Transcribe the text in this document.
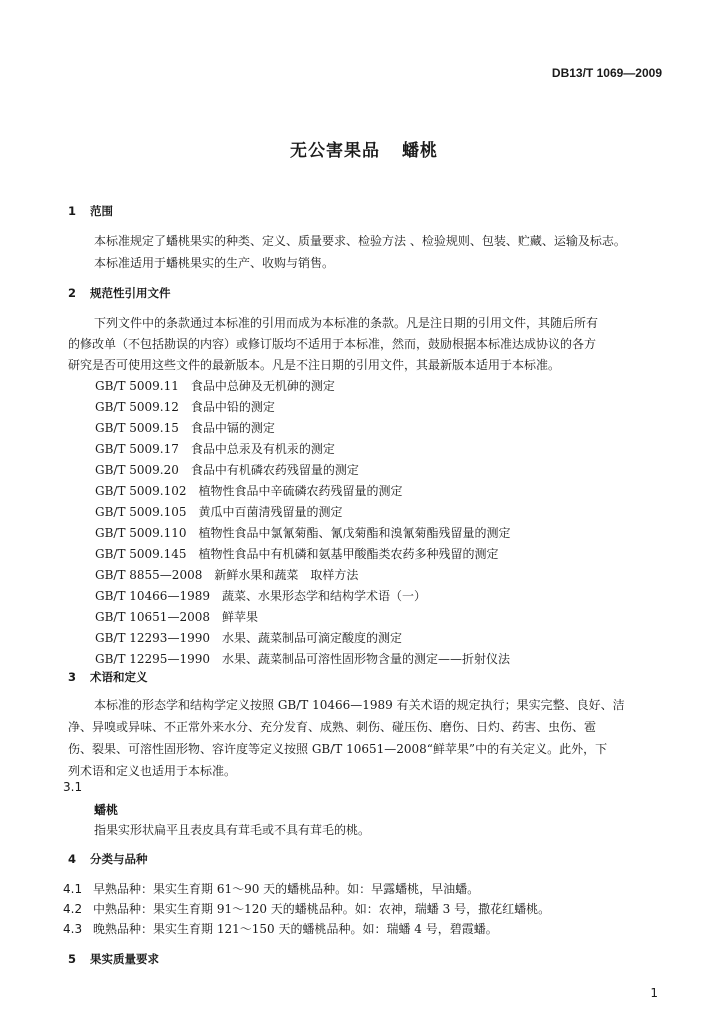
DB13/T 1069—2009
无公害果品 蟠桃
1 范围
本标准规定了蟠桃果实的种类、定义、质量要求、检验方法 、检验规则、包装、贮藏、运输及标志。
本标准适用于蟠桃果实的生产、收购与销售。
2 规范性引用文件
下列文件中的条款通过本标准的引用而成为本标准的条款。凡是注日期的引用文件，其随后所有
的修改单（不包括勘误的内容）或修订版均不适用于本标准，然而，鼓励根据本标准达成协议的各方
研究是否可使用这些文件的最新版本。凡是不注日期的引用文件，其最新版本适用于本标准。
GB/T 5009.11　 食品中总砷及无机砷的测定
GB/T 5009.12　 食品中铅的测定
GB/T 5009.15　 食品中镉的测定
GB/T 5009.17　 食品中总汞及有机汞的测定
GB/T 5009.20　 食品中有机磷农药残留量的测定
GB/T 5009.102　 植物性食品中辛硫磷农药残留量的测定
GB/T 5009.105　 黄瓜中百菌清残留量的测定
GB/T 5009.110　 植物性食品中氯氰菊酯、氰戊菊酯和溴氰菊酯残留量的测定
GB/T 5009.145　 植物性食品中有机磷和氨基甲酸酯类农药多种残留的测定
GB/T 8855—2008　 新鲜水果和蔬菜　取样方法
GB/T 10466—1989　 蔬菜、水果形态学和结构学术语（一）
GB/T 10651—2008　 鲜苹果
GB/T 12293—1990　 水果、蔬菜制品可滴定酸度的测定
GB/T 12295—1990　 水果、蔬菜制品可溶性固形物含量的测定——折射仪法
3 术语和定义
本标准的形态学和结构学定义按照 GB/T 10466—1989 有关术语的规定执行；果实完整、良好、洁
净、异嗅或异味、不正常外来水分、充分发育、成熟、刺伤、碰压伤、磨伤、日灼、药害、虫伤、雹
伤、裂果、可溶性固形物、容许度等定义按照 GB/T 10651—2008“鲜苹果”中的有关定义。此外，下
列术语和定义也适用于本标准。
3.1
蟠桃
指果实形状扁平且表皮具有茸毛或不具有茸毛的桃。
4 分类与品种
4.1 早熟品种：果实生育期 61～90 天的蟠桃品种。如：早露蟠桃，早油蟠。
4.2 中熟品种：果实生育期 91～120 天的蟠桃品种。如：农神，瑞蟠 3 号，撒花红蟠桃。
4.3 晚熟品种：果实生育期 121～150 天的蟠桃品种。如：瑞蟠 4 号，碧霞蟠。
5 果实质量要求
1
